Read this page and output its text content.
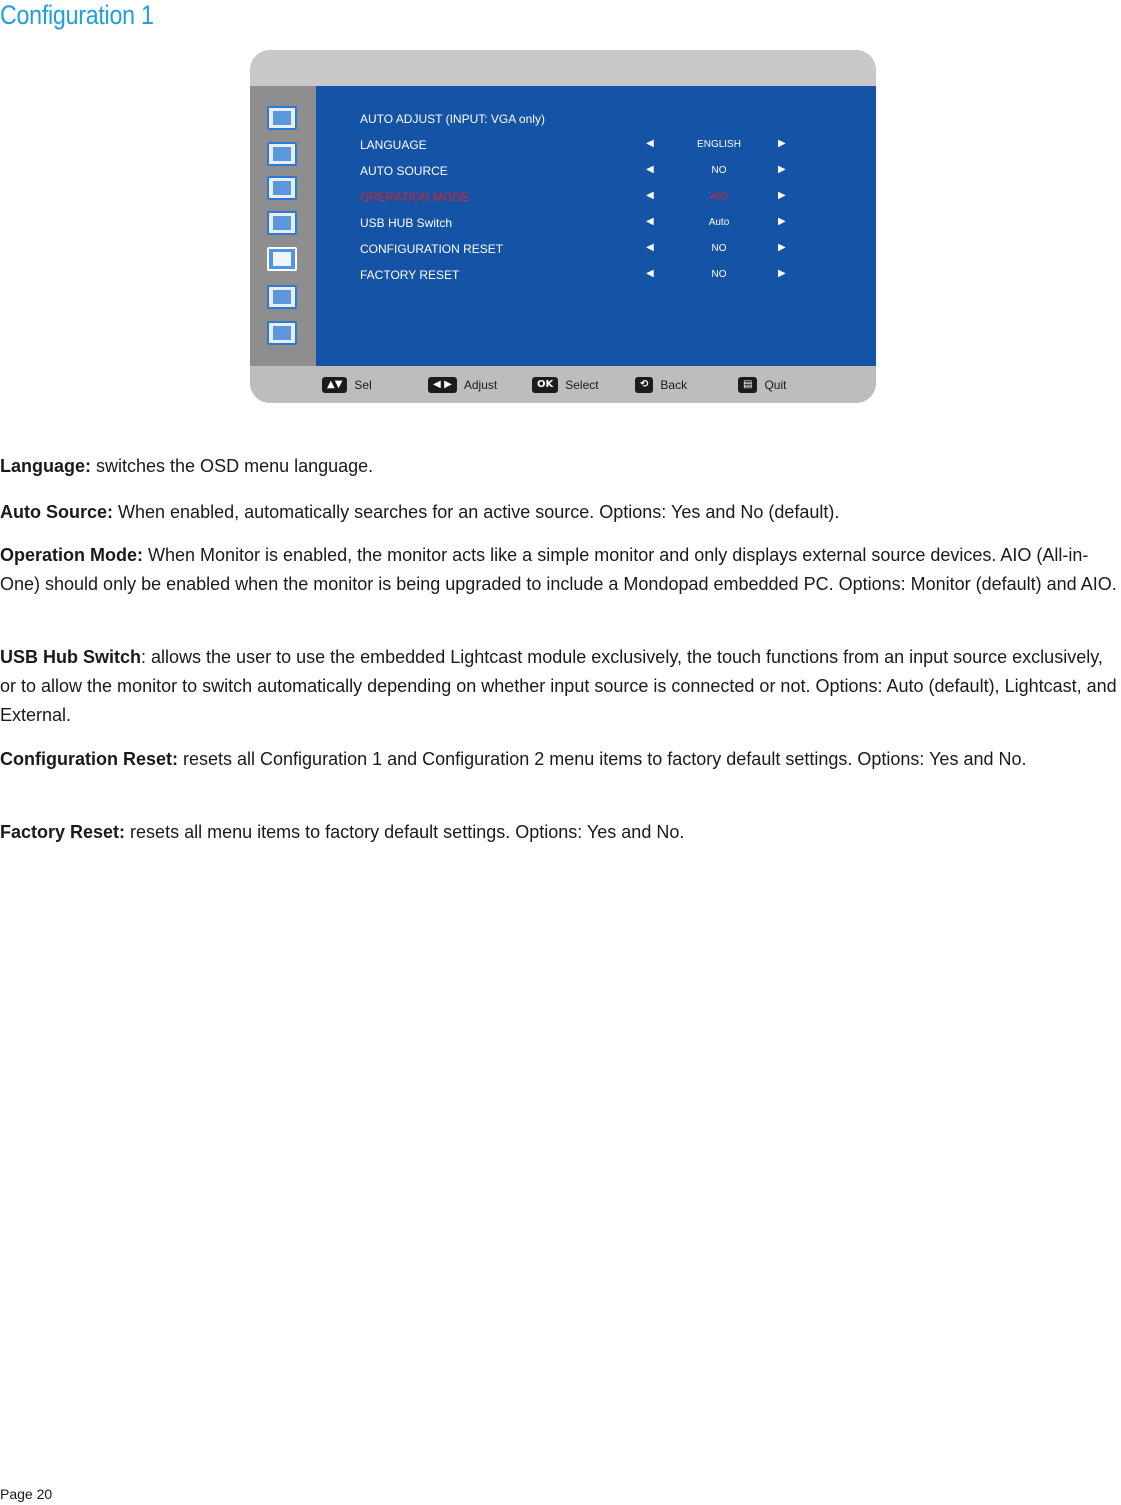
Configuration 1
AUTO ADJUST (INPUT: VGA only)
LANGUAGE	◀	ENGLISH	▶
AUTO SOURCE	◀	NO	▶
OPERATION MODE	◀	AIO	▶
USB HUB Switch	◀	Auto	▶
CONFIGURATION RESET	◀	NO	▶
FACTORY RESET	◀	NO	▶
▲▼ Sel	◀ ▶ Adjust	OK Select	⟲ Back	▤ Quit

Language: switches the OSD menu language.

Auto Source: When enabled, automatically searches for an active source. Options: Yes and No (default).

Operation Mode: When Monitor is enabled, the monitor acts like a simple monitor and only displays external source devices. AIO (All-in-One) should only be enabled when the monitor is being upgraded to include a Mondopad embedded PC. Options: Monitor (default) and AIO.

USB Hub Switch: allows the user to use the embedded Lightcast module exclusively, the touch functions from an input source exclusively, or to allow the monitor to switch automatically depending on whether input source is connected or not. Options: Auto (default), Lightcast, and External.

Configuration Reset: resets all Configuration 1 and Configuration 2 menu items to factory default settings. Options: Yes and No.

Factory Reset: resets all menu items to factory default settings. Options: Yes and No.

Page 20
